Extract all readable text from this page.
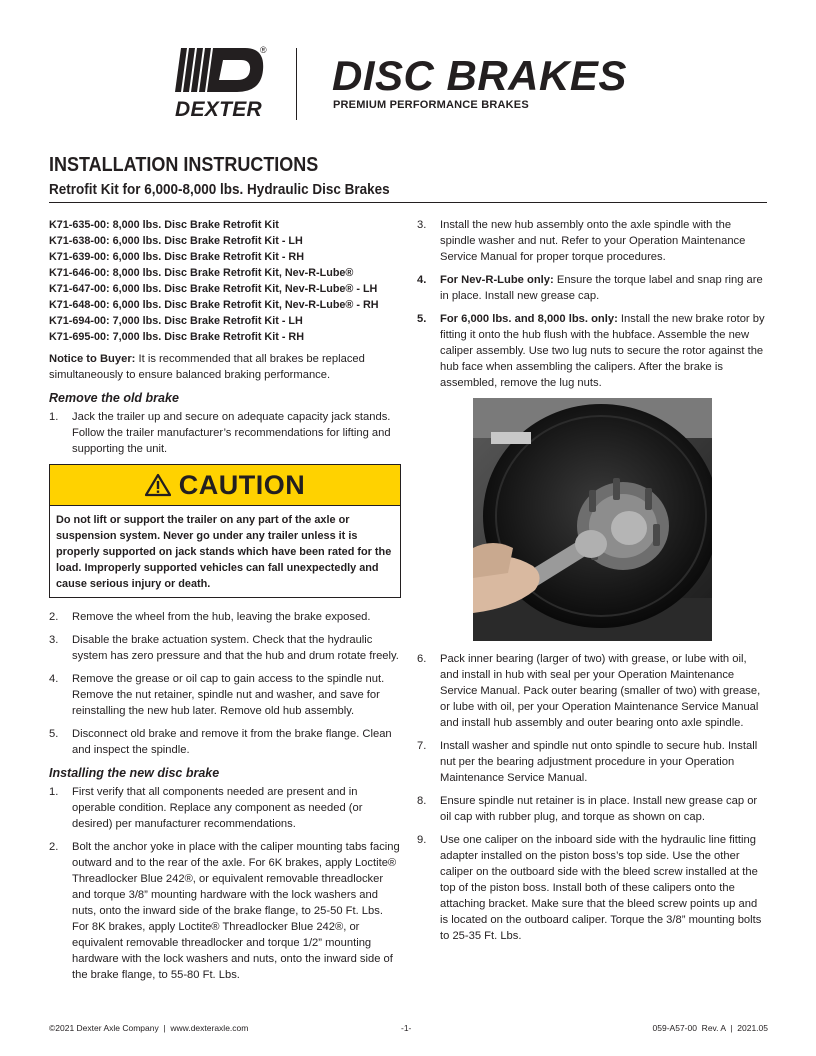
®
DEXTER
DISC BRAKES
PREMIUM PERFORMANCE BRAKES
INSTALLATION INSTRUCTIONS
Retrofit Kit for 6,000-8,000 lbs. Hydraulic Disc Brakes
K71-635-00: 8,000 lbs. Disc Brake Retrofit Kit
K71-638-00: 6,000 lbs. Disc Brake Retrofit Kit - LH
K71-639-00: 6,000 lbs. Disc Brake Retrofit Kit - RH
K71-646-00: 8,000 lbs. Disc Brake Retrofit Kit, Nev-R-Lube®
K71-647-00: 6,000 lbs. Disc Brake Retrofit Kit, Nev-R-Lube® - LH
K71-648-00: 6,000 lbs. Disc Brake Retrofit Kit, Nev-R-Lube® - RH
K71-694-00: 7,000 lbs. Disc Brake Retrofit Kit - LH
K71-695-00: 7,000 lbs. Disc Brake Retrofit Kit - RH

Notice to Buyer: It is recommended that all brakes be replaced simultaneously to ensure balanced braking performance.

Remove the old brake
1. Jack the trailer up and secure on adequate capacity jack stands. Follow the trailer manufacturer’s recommendations for lifting and supporting the unit.
CAUTION
Do not lift or support the trailer on any part of the axle or suspension system. Never go under any trailer unless it is properly supported on jack stands which have been rated for the load. Improperly supported vehicles can fall unexpectedly and cause serious injury or death.
2. Remove the wheel from the hub, leaving the brake exposed.
3. Disable the brake actuation system. Check that the hydraulic system has zero pressure and that the hub and drum rotate freely.
4. Remove the grease or oil cap to gain access to the spindle nut. Remove the nut retainer, spindle nut and washer, and save for reinstalling the new hub later. Remove old hub assembly.
5. Disconnect old brake and remove it from the brake flange. Clean and inspect the spindle.
Installing the new disc brake
1. First verify that all components needed are present and in operable condition. Replace any component as needed (or desired) per manufacturer recommendations.
2. Bolt the anchor yoke in place with the caliper mounting tabs facing outward and to the rear of the axle. For 6K brakes, apply Loctite® Threadlocker Blue 242®, or equivalent removable threadlocker and torque 3/8” mounting hardware with the lock washers and nuts, onto the inward side of the brake flange, to 25-50 Ft. Lbs. For 8K brakes, apply Loctite® Threadlocker Blue 242®, or equivalent removable threadlocker and torque 1/2” mounting hardware with the lock washers and nuts, onto the inward side of the brake flange, to 55-80 Ft. Lbs.
3. Install the new hub assembly onto the axle spindle with the spindle washer and nut. Refer to your Operation Maintenance Service Manual for proper torque procedures.
4. For Nev-R-Lube only: Ensure the torque label and snap ring are in place. Install new grease cap.
5. For 6,000 lbs. and 8,000 lbs. only: Install the new brake rotor by fitting it onto the hub flush with the hubface. Assemble the new caliper assembly. Use two lug nuts to secure the rotor against the hub face when assembling the calipers. After the brake is assembled, remove the lug nuts.
6. Pack inner bearing (larger of two) with grease, or lube with oil, and install in hub with seal per your Operation Maintenance Service Manual. Pack outer bearing (smaller of two) with grease, or lube with oil, per your Operation Maintenance Service Manual and install hub assembly and outer bearing onto axle spindle.
7. Install washer and spindle nut onto spindle to secure hub. Install nut per the bearing adjustment procedure in your Operation Maintenance Service Manual.
8. Ensure spindle nut retainer is in place. Install new grease cap or oil cap with rubber plug, and torque as shown on cap.
9. Use one caliper on the inboard side with the hydraulic line fitting adapter installed on the piston boss’s top side. Use the other caliper on the outboard side with the bleed screw installed at the top of the piston boss. Install both of these calipers onto the attaching bracket. Make sure that the bleed screw points up and is located on the outboard caliper. Torque the 3/8” mounting bolts to 25-35 Ft. Lbs.
©2021 Dexter Axle Company  |  www.dexteraxle.com	-1-	059-A57-00  Rev. A  |  2021.05
